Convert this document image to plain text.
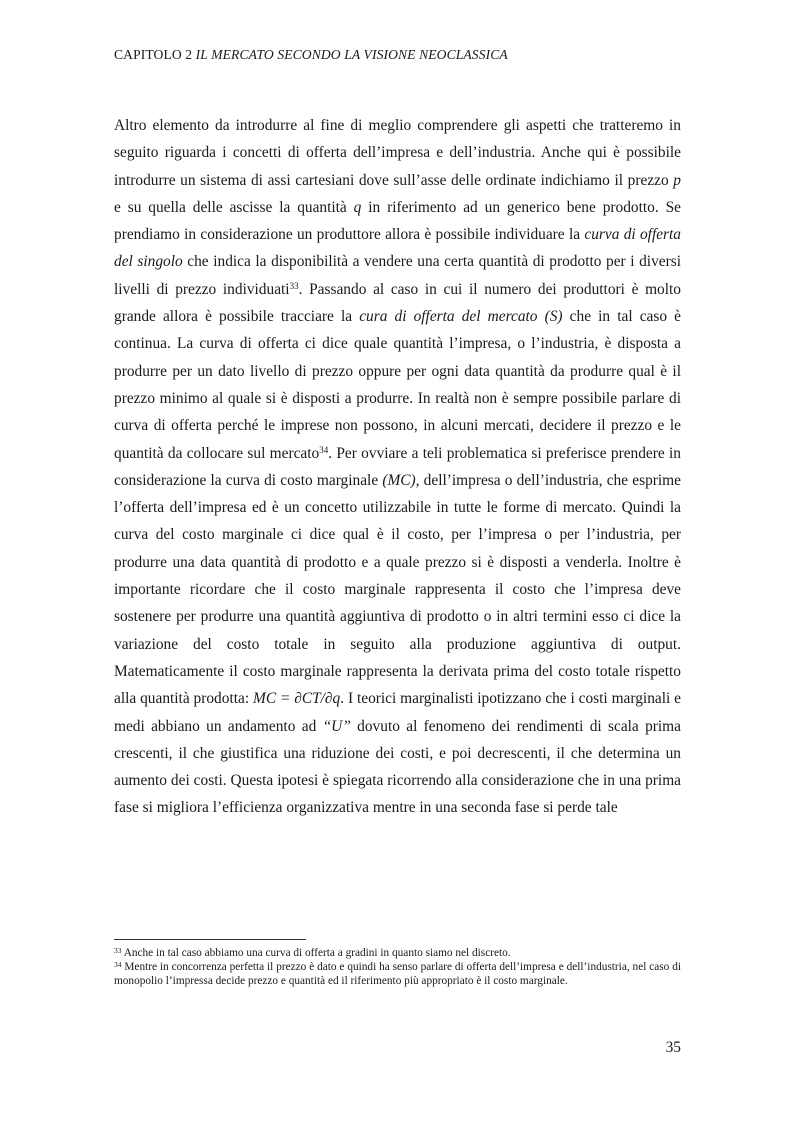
CAPITOLO 2 IL MERCATO SECONDO LA VISIONE NEOCLASSICA

Altro elemento da introdurre al fine di meglio comprendere gli aspetti che tratteremo in seguito riguarda i concetti di offerta dell’impresa e dell’industria. Anche qui è possibile introdurre un sistema di assi cartesiani dove sull’asse delle ordinate indichiamo il prezzo p e su quella delle ascisse la quantità q in riferimento ad un generico bene prodotto. Se prendiamo in considerazione un produttore allora è possibile individuare la curva di offerta del singolo che indica la disponibilità a vendere una certa quantità di prodotto per i diversi livelli di prezzo individuati$^{33}$. Passando al caso in cui il numero dei produttori è molto grande allora è possibile tracciare la cura di offerta del mercato (S) che in tal caso è continua. La curva di offerta ci dice quale quantità l’impresa, o l’industria, è disposta a produrre per un dato livello di prezzo oppure per ogni data quantità da produrre qual è il prezzo minimo al quale si è disposti a produrre. In realtà non è sempre possibile parlare di curva di offerta perché le imprese non possono, in alcuni mercati, decidere il prezzo e le quantità da collocare sul mercato$^{34}$. Per ovviare a teli problematica si preferisce prendere in considerazione la curva di costo marginale (MC), dell’impresa o dell’industria, che esprime l’offerta dell’impresa ed è un concetto utilizzabile in tutte le forme di mercato. Quindi la curva del costo marginale ci dice qual è il costo, per l’impresa o per l’industria, per produrre una data quantità di prodotto e a quale prezzo si è disposti a venderla. Inoltre è importante ricordare che il costo marginale rappresenta il costo che l’impresa deve sostenere per produrre una quantità aggiuntiva di prodotto o in altri termini esso ci dice la variazione del costo totale in seguito alla produzione aggiuntiva di output. Matematicamente il costo marginale rappresenta la derivata prima del costo totale rispetto alla quantità prodotta: MC = ∂CT/∂q. I teorici marginalisti ipotizzano che i costi marginali e medi abbiano un andamento ad “U” dovuto al fenomeno dei rendimenti di scala prima crescenti, il che giustifica una riduzione dei costi, e poi decrescenti, il che determina un aumento dei costi. Questa ipotesi è spiegata ricorrendo alla considerazione che in una prima fase si migliora l’efficienza organizzativa mentre in una seconda fase si perde tale

$^{33}$ Anche in tal caso abbiamo una curva di offerta a gradini in quanto siamo nel discreto.

$^{34}$ Mentre in concorrenza perfetta il prezzo è dato e quindi ha senso parlare di offerta dell’impresa e dell’industria, nel caso di monopolio l’impressa decide prezzo e quantità ed il riferimento più appropriato è il costo marginale.

35
